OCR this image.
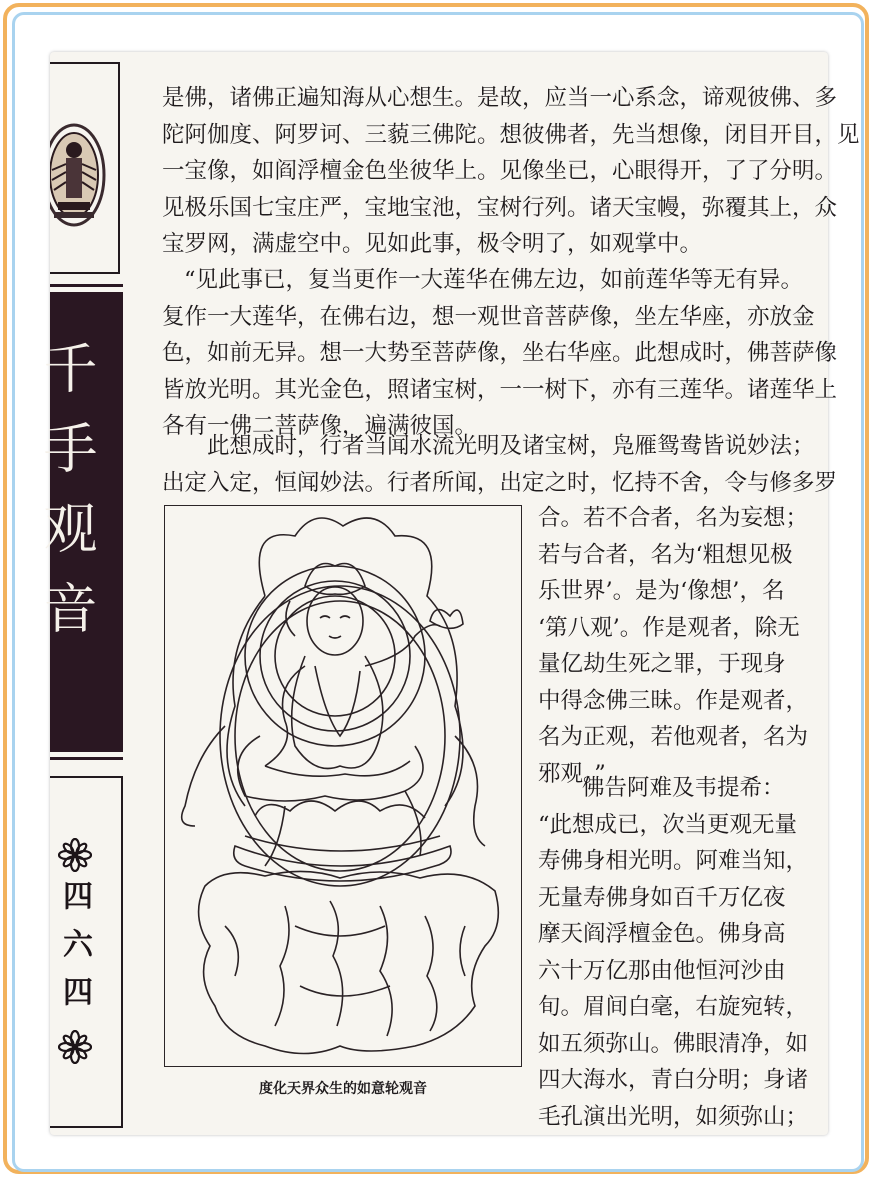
千手观音
四六四
是佛，诸佛正遍知海从心想生。是故，应当一心系念，谛观彼佛、多
陀阿伽度、阿罗诃、三藐三佛陀。想彼佛者，先当想像，闭目开目，见
一宝像，如阎浮檀金色坐彼华上。见像坐已，心眼得开，了了分明。
见极乐国七宝庄严，宝地宝池，宝树行列。诸天宝幔，弥覆其上，众
宝罗网，满虚空中。见如此事，极令明了，如观掌中。
“见此事已，复当更作一大莲华在佛左边，如前莲华等无有异。
复作一大莲华，在佛右边，想一观世音菩萨像，坐左华座，亦放金
色，如前无异。想一大势至菩萨像，坐右华座。此想成时，佛菩萨像
皆放光明。其光金色，照诸宝树，一一树下，亦有三莲华。诸莲华上
各有一佛二菩萨像，遍满彼国。
此想成时，行者当闻水流光明及诸宝树，凫雁鸳鸯皆说妙法；
出定入定，恒闻妙法。行者所闻，出定之时，忆持不舍，令与修多罗
合。若不合者，名为妄想；
若与合者，名为‘粗想见极
乐世界’。是为‘像想’，名
‘第八观’。作是观者，除无
量亿劫生死之罪，于现身
中得念佛三昧。作是观者，
名为正观，若他观者，名为
邪观。”
佛告阿难及韦提希：
“此想成已，次当更观无量
寿佛身相光明。阿难当知，
无量寿佛身如百千万亿夜
摩天阎浮檀金色。佛身高
六十万亿那由他恒河沙由
旬。眉间白毫，右旋宛转，
如五须弥山。佛眼清净，如
四大海水，青白分明；身诸
毛孔演出光明，如须弥山；
度化天界众生的如意轮观音
